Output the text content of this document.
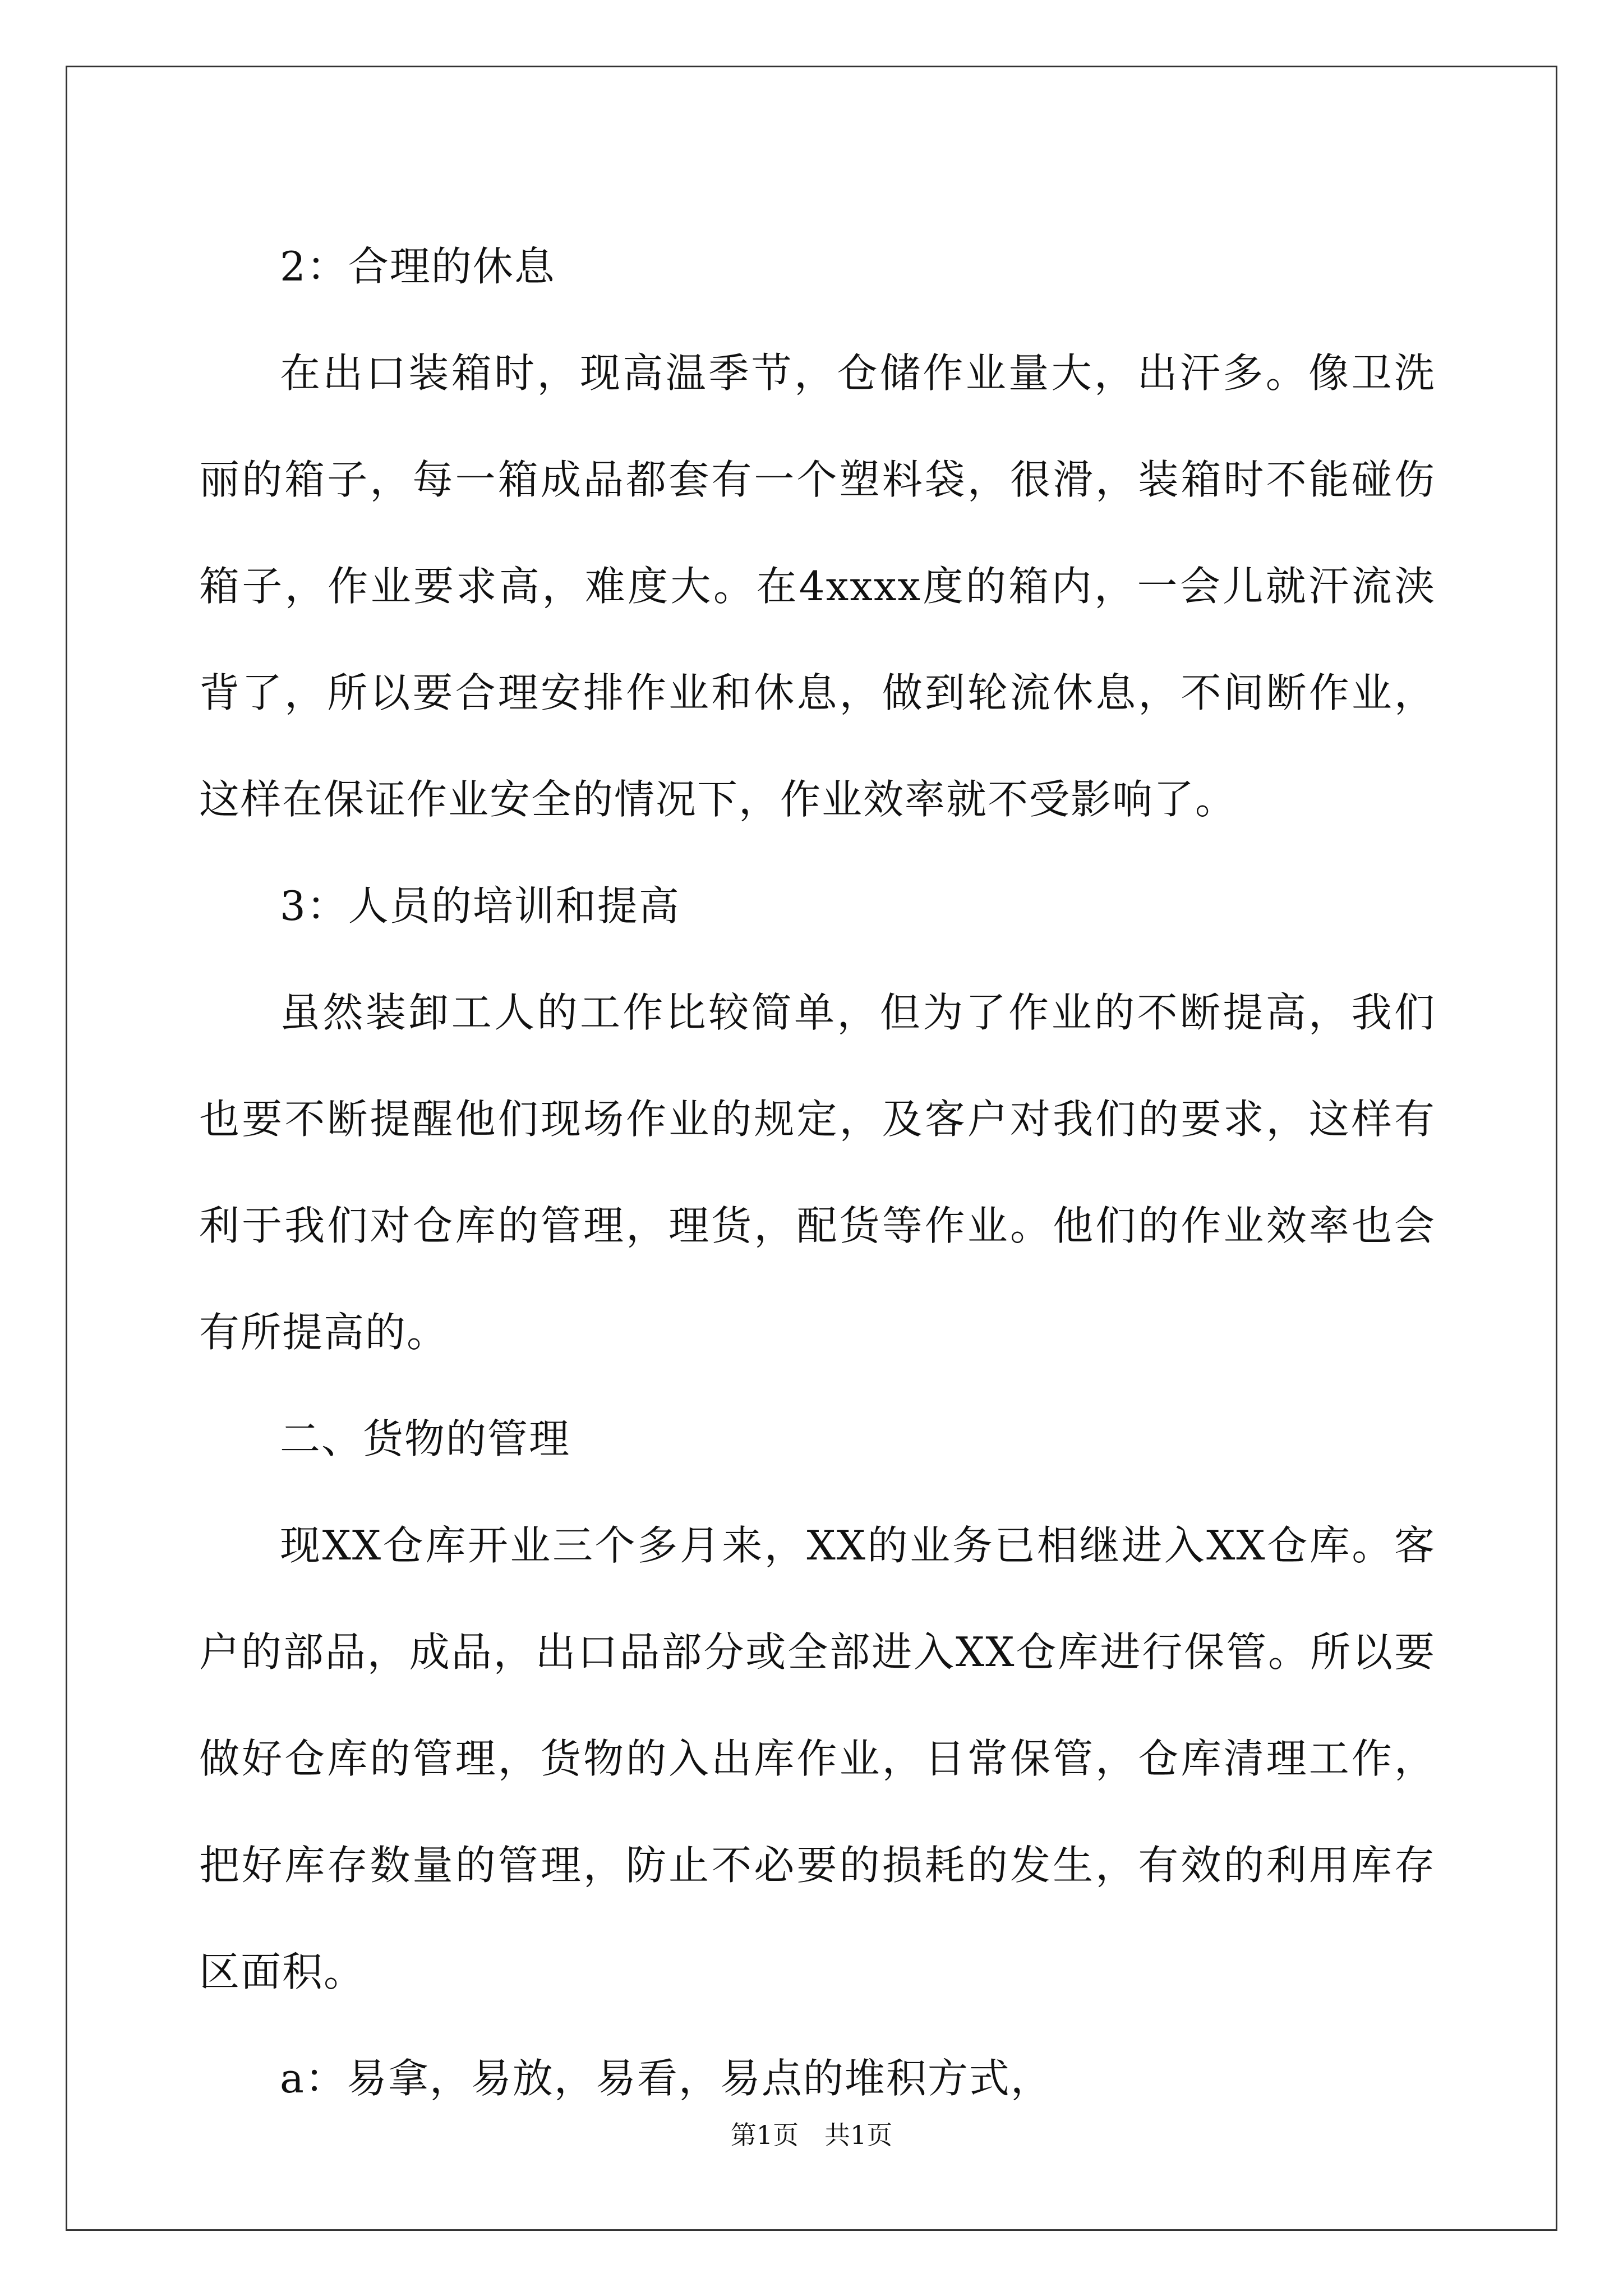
2：合理的休息

在出口装箱时，现高温季节，仓储作业量大，出汗多。像卫洗丽的箱子，每一箱成品都套有一个塑料袋，很滑，装箱时不能碰伤箱子，作业要求高，难度大。在4xxxx度的箱内，一会儿就汗流浃背了，所以要合理安排作业和休息，做到轮流休息，不间断作业，这样在保证作业安全的情况下，作业效率就不受影响了。

3：人员的培训和提高

虽然装卸工人的工作比较简单，但为了作业的不断提高，我们也要不断提醒他们现场作业的规定，及客户对我们的要求，这样有利于我们对仓库的管理，理货，配货等作业。他们的作业效率也会有所提高的。

二、货物的管理

现XX仓库开业三个多月来，XX的业务已相继进入XX仓库。客户的部品，成品，出口品部分或全部进入XX仓库进行保管。所以要做好仓库的管理，货物的入出库作业，日常保管，仓库清理工作，把好库存数量的管理，防止不必要的损耗的发生，有效的利用库存区面积。

a：易拿，易放，易看，易点的堆积方式，

第1页　共1页
